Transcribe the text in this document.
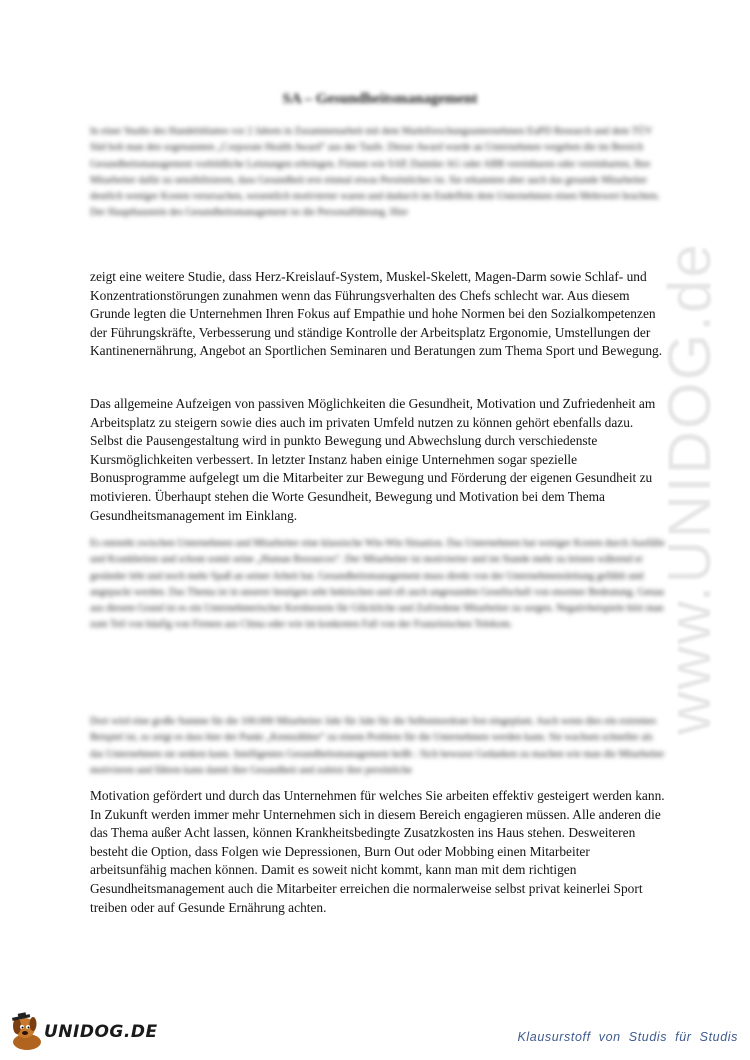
www.UNIDOG.de
SA – Gesundheitsmanagement

In einer Studie des Handelsblattes vor 2 Jahren in Zusammenarbeit mit dem Marktforschungsunternehmen EuPD Research und dem TÜV Süd hob man den sogenannten „Corporate Health Award“ aus der Taufe. Dieser Award wurde an Unternehmen vergeben die im Bereich Gesundheitsmanagement vorbildliche Leistungen erbringen. Firmen wie SAP, Daimler AG oder ABB vereinbaren oder vereinbarten, Ihre Mitarbeiter dafür zu sensibilisieren, dass Gesundheit erst einmal etwas Persönliches ist. Sie erkannten aber auch das gesunde Mitarbeiter deutlich weniger Kosten verursachen, wesentlich motivierter waren und dadurch im Endeffekt dem Unternehmen einen Mehrwert brachten. Der Hauptbaustein des Gesundheitsmanagement ist die Personalführung. Hier

zeigt eine weitere Studie, dass Herz-Kreislauf-System, Muskel-Skelett, Magen-Darm sowie Schlaf- und Konzentrationstörungen zunahmen wenn das Führungsverhalten des Chefs schlecht war. Aus diesem Grunde legten die Unternehmen Ihren Fokus auf Empathie und hohe Normen bei den Sozialkompetenzen der Führungskräfte, Verbesserung und ständige Kontrolle der Arbeitsplatz Ergonomie, Umstellungen der Kantinenernährung, Angebot an Sportlichen Seminaren und Beratungen zum Thema Sport und Bewegung.

Das allgemeine Aufzeigen von passiven Möglichkeiten die Gesundheit, Motivation und Zufriedenheit am Arbeitsplatz zu steigern sowie dies auch im privaten Umfeld nutzen zu können gehört ebenfalls dazu. Selbst die Pausengestaltung wird in punkto Bewegung und Abwechslung durch verschiedenste Kursmöglichkeiten verbessert. In letzter Instanz haben einige Unternehmen sogar spezielle Bonusprogramme aufgelegt um die Mitarbeiter zur Bewegung und Förderung der eigenen Gesundheit zu motivieren. Überhaupt stehen die Worte Gesundheit, Bewegung und Motivation bei dem Thema Gesundheitsmanagement im Einklang.

Es entsteht zwischen Unternehmen und Mitarbeiter eine klassische Win-Win Situation. Das Unternehmen hat weniger Kosten durch Ausfälle und Krankheiten und schont somit seine „Human Resources“. Der Mitarbeiter ist motivierter und im Stande mehr zu leisten während er gesünder lebt und noch mehr Spaß an seiner Arbeit hat. Gesundheitsmanagement muss direkt von der Unternehmensleitung gefühlt und angepackt werden. Das Thema ist in unserer heutigen sehr hektischen und oft auch ungesunden Gesellschaft von enormer Bedeutung. Genau aus diesem Grund ist es ein Unternehmerischer Kernbestein für Glückliche und Zufriedene Mitarbeiter zu sorgen. Negativbeispiele hört man zum Teil von häufig von Firmen aus China oder wie im konkreten Fall von der Französischen Telekom.

Dort wird eine große Summe für die 100.000 Mitarbeiter Jahr für Jahr für die Selbstmordrate fest eingeplant. Auch wenn dies ein extremes Beispiel ist, so zeigt es dass hier der Punkt „Kennzählter“ zu einem Problem für die Unternehmen werden kann. Sie wachsen schneller als das Unternehmen sie senken kann. Intelligentes Gesundheitsmanagement heißt : Sich bewusst Gedanken zu machen wie man die Mitarbeiter motivieren und führen kann damit ihre Gesundheit und zuletzt ihre persönliche

Motivation gefördert und durch das Unternehmen für welches Sie arbeiten effektiv gesteigert werden kann. In Zukunft werden immer mehr Unternehmen sich in diesem Bereich engagieren müssen. Alle anderen die das Thema außer Acht lassen, können Krankheitsbedingte Zusatzkosten ins Haus stehen. Desweiteren besteht die Option, dass Folgen wie Depressionen, Burn Out oder Mobbing einen Mitarbeiter arbeitsunfähig machen können. Damit es soweit nicht kommt, kann man mit dem richtigen Gesundheitsmanagement auch die Mitarbeiter erreichen die normalerweise selbst privat keinerlei Sport treiben oder auf Gesunde Ernährung achten.

UNIDOG.DE	Klausurstoff von Studis für Studis
